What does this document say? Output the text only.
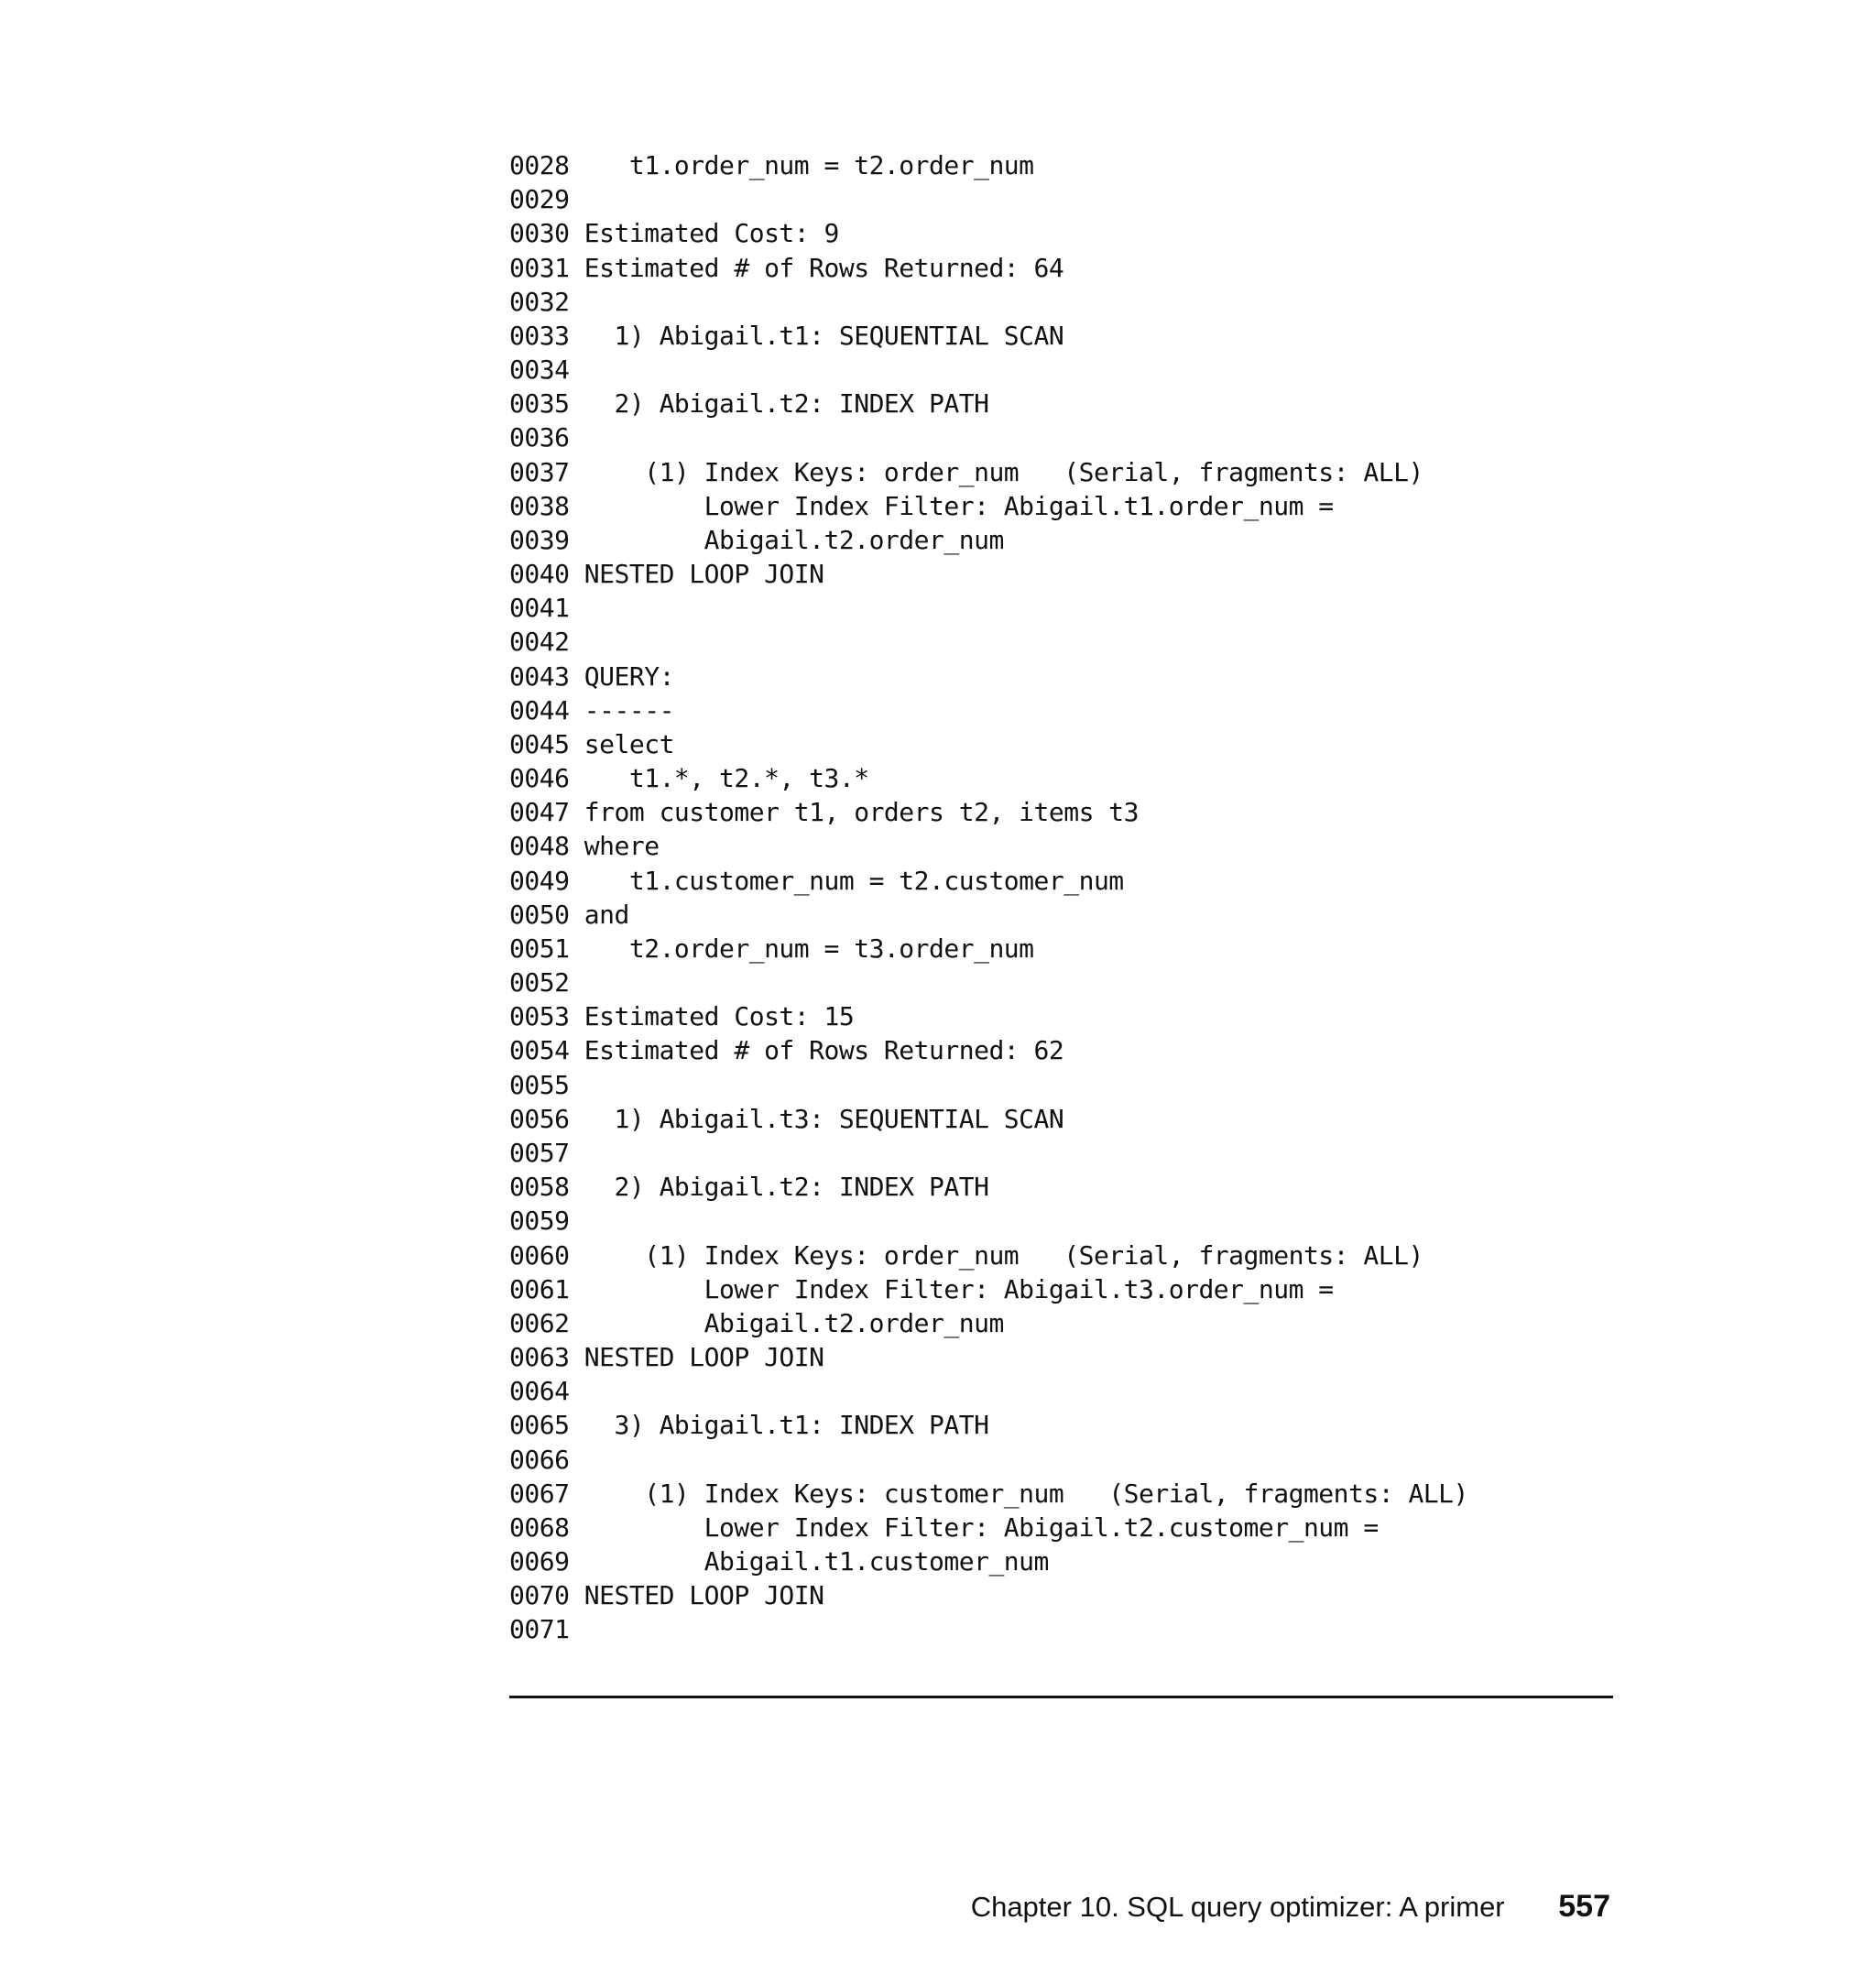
0028    t1.order_num = t2.order_num
0029
0030 Estimated Cost: 9
0031 Estimated # of Rows Returned: 64
0032
0033   1) Abigail.t1: SEQUENTIAL SCAN
0034
0035   2) Abigail.t2: INDEX PATH
0036
0037     (1) Index Keys: order_num   (Serial, fragments: ALL)
0038         Lower Index Filter: Abigail.t1.order_num =
0039         Abigail.t2.order_num
0040 NESTED LOOP JOIN
0041
0042
0043 QUERY:
0044 ------
0045 select
0046    t1.*, t2.*, t3.*
0047 from customer t1, orders t2, items t3
0048 where
0049    t1.customer_num = t2.customer_num
0050 and
0051    t2.order_num = t3.order_num
0052
0053 Estimated Cost: 15
0054 Estimated # of Rows Returned: 62
0055
0056   1) Abigail.t3: SEQUENTIAL SCAN
0057
0058   2) Abigail.t2: INDEX PATH
0059
0060     (1) Index Keys: order_num   (Serial, fragments: ALL)
0061         Lower Index Filter: Abigail.t3.order_num =
0062         Abigail.t2.order_num
0063 NESTED LOOP JOIN
0064
0065   3) Abigail.t1: INDEX PATH
0066
0067     (1) Index Keys: customer_num   (Serial, fragments: ALL)
0068         Lower Index Filter: Abigail.t2.customer_num =
0069         Abigail.t1.customer_num
0070 NESTED LOOP JOIN
0071
Chapter 10. SQL query optimizer: A primer 557
